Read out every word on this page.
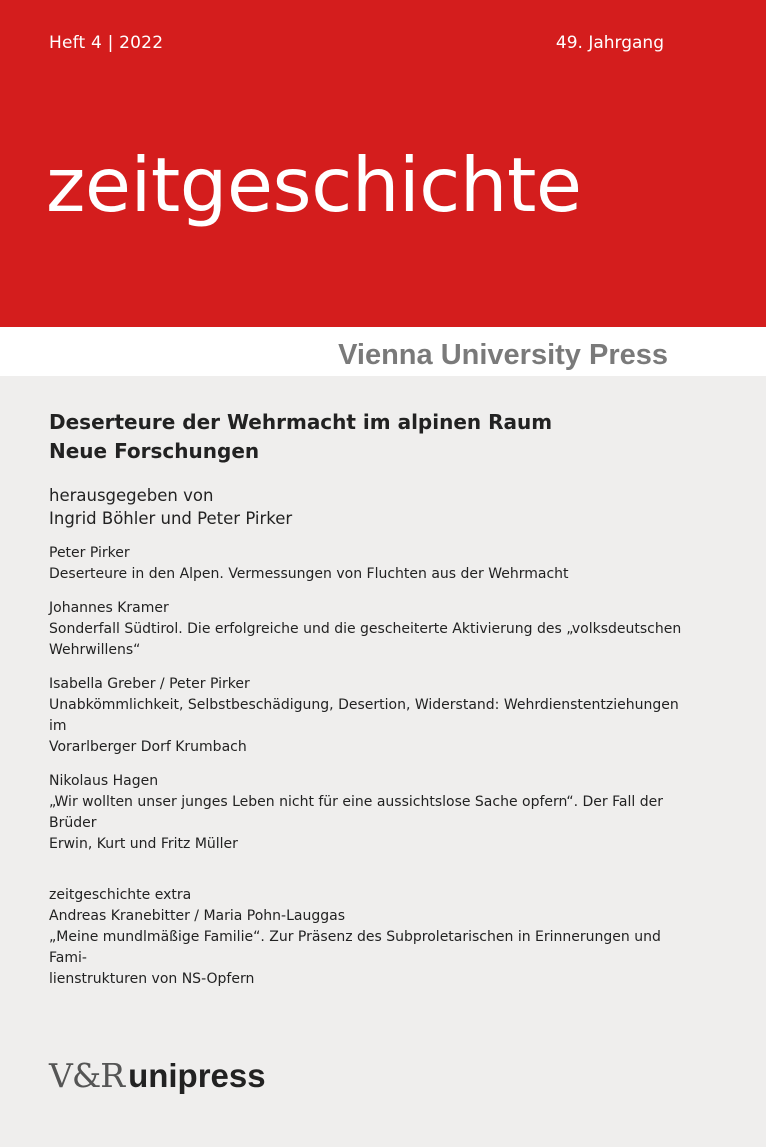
Heft 4 | 2022	49. Jahrgang
zeitgeschichte
Vienna University Press
Deserteure der Wehrmacht im alpinen Raum
Neue Forschungen
herausgegeben von
Ingrid Böhler und Peter Pirker
Peter Pirker
Deserteure in den Alpen. Vermessungen von Fluchten aus der Wehrmacht
Johannes Kramer
Sonderfall Südtirol. Die erfolgreiche und die gescheiterte Aktivierung des „volksdeutschen
Wehrwillens“
Isabella Greber / Peter Pirker
Unabkömmlichkeit, Selbstbeschädigung, Desertion, Widerstand: Wehrdienstentziehungen im
Vorarlberger Dorf Krumbach
Nikolaus Hagen
„Wir wollten unser junges Leben nicht für eine aussichtslose Sache opfern“. Der Fall der Brüder
Erwin, Kurt und Fritz Müller
zeitgeschichte extra
Andreas Kranebitter / Maria Pohn-Lauggas
„Meine mundlmäßige Familie“. Zur Präsenz des Subproletarischen in Erinnerungen und Fami-
lienstrukturen von NS-Opfern
V&R unipress
